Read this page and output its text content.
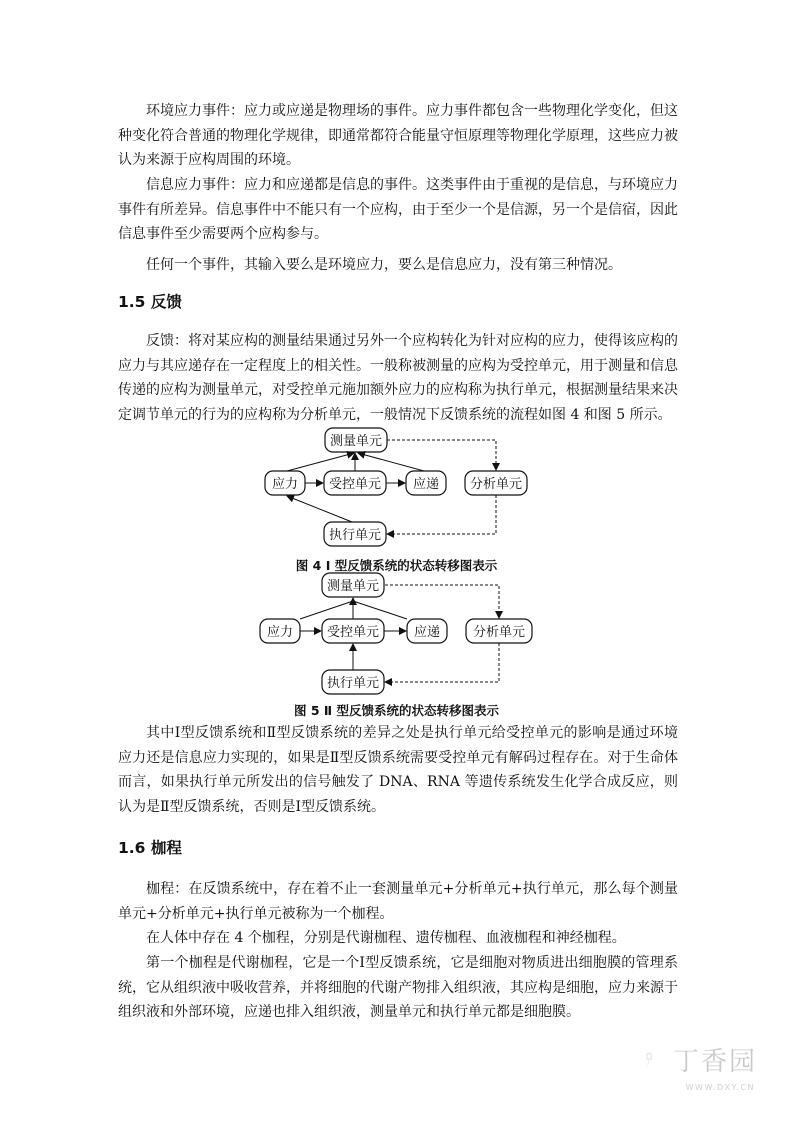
环境应力事件：应力或应递是物理场的事件。应力事件都包含一些物理化学变化，但这种变化符合普通的物理化学规律，即通常都符合能量守恒原理等物理化学原理，这些应力被认为来源于应构周围的环境。

信息应力事件：应力和应递都是信息的事件。这类事件由于重视的是信息，与环境应力事件有所差异。信息事件中不能只有一个应构，由于至少一个是信源，另一个是信宿，因此信息事件至少需要两个应构参与。

任何一个事件，其输入要么是环境应力，要么是信息应力，没有第三种情况。

1.5 反馈

反馈：将对某应构的测量结果通过另外一个应构转化为针对应构的应力，使得该应构的应力与其应递存在一定程度上的相关性。一般称被测量的应构为受控单元，用于测量和信息传递的应构为测量单元，对受控单元施加额外应力的应构称为执行单元，根据测量结果来决定调节单元的行为的应构称为分析单元，一般情况下反馈系统的流程如图 4 和图 5 所示。

测量单元
应力 受控单元 应递 分析单元
执行单元

图 4 Ⅰ 型反馈系统的状态转移图表示

测量单元
应力	受控单元	应递	分析单元
执行单元

图 5 Ⅱ 型反馈系统的状态转移图表示

其中Ⅰ型反馈系统和Ⅱ型反馈系统的差异之处是执行单元给受控单元的影响是通过环境应力还是信息应力实现的，如果是Ⅱ型反馈系统需要受控单元有解码过程存在。对于生命体而言，如果执行单元所发出的信号触发了 DNA、RNA 等遗传系统发生化学合成反应，则认为是Ⅱ型反馈系统，否则是Ⅰ型反馈系统。

1.6 枷程

枷程：在反馈系统中，存在着不止一套测量单元+分析单元+执行单元，那么每个测量单元+分析单元+执行单元被称为一个枷程。

在人体中存在 4 个枷程，分别是代谢枷程、遗传枷程、血液枷程和神经枷程。

第一个枷程是代谢枷程，它是一个Ⅰ型反馈系统，它是细胞对物质进出细胞膜的管理系统，它从组织液中吸收营养，并将细胞的代谢产物排入组织液，其应构是细胞，应力来源于组织液和外部环境，应递也排入组织液，测量单元和执行单元都是细胞膜。

丁香园
WWW.DXY.CN
